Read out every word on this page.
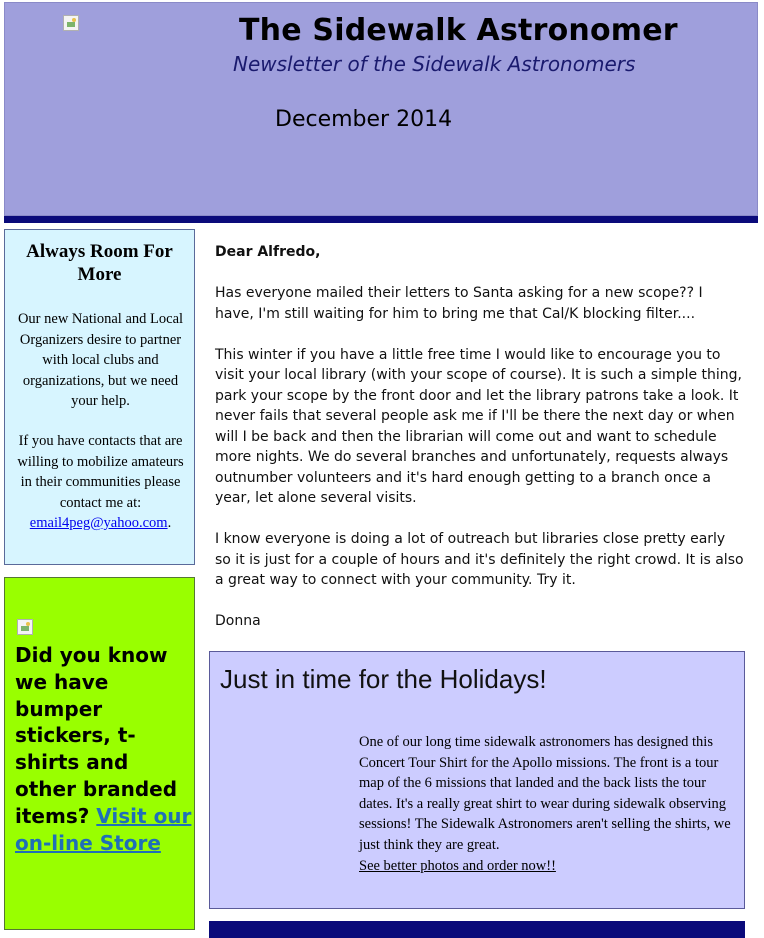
The Sidewalk Astronomer
Newsletter of the Sidewalk Astronomers
December 2014
Always Room For More
Our new National and Local Organizers desire to partner with local clubs and organizations, but we need your help.
If you have contacts that are willing to mobilize amateurs in their communities please contact me at: email4peg@yahoo.com.
Did you know we have bumper stickers, t-shirts and other branded items? Visit our on-line Store

Dear Alfredo,

Has everyone mailed their letters to Santa asking for a new scope?? I have, I'm still waiting for him to bring me that Cal/K blocking filter....

This winter if you have a little free time I would like to encourage you to visit your local library (with your scope of course). It is such a simple thing, park your scope by the front door and let the library patrons take a look. It never fails that several people ask me if I'll be there the next day or when will I be back and then the librarian will come out and want to schedule more nights. We do several branches and unfortunately, requests always outnumber volunteers and it's hard enough getting to a branch once a year, let alone several visits.

I know everyone is doing a lot of outreach but libraries close pretty early so it is just for a couple of hours and it's definitely the right crowd. It is also a great way to connect with your community. Try it.

Donna

Just in time for the Holidays!
One of our long time sidewalk astronomers has designed this Concert Tour Shirt for the Apollo missions. The front is a tour map of the 6 missions that landed and the back lists the tour dates. It's a really great shirt to wear during sidewalk observing sessions! The Sidewalk Astronomers aren't selling the shirts, we just think they are great.
See better photos and order now!!
